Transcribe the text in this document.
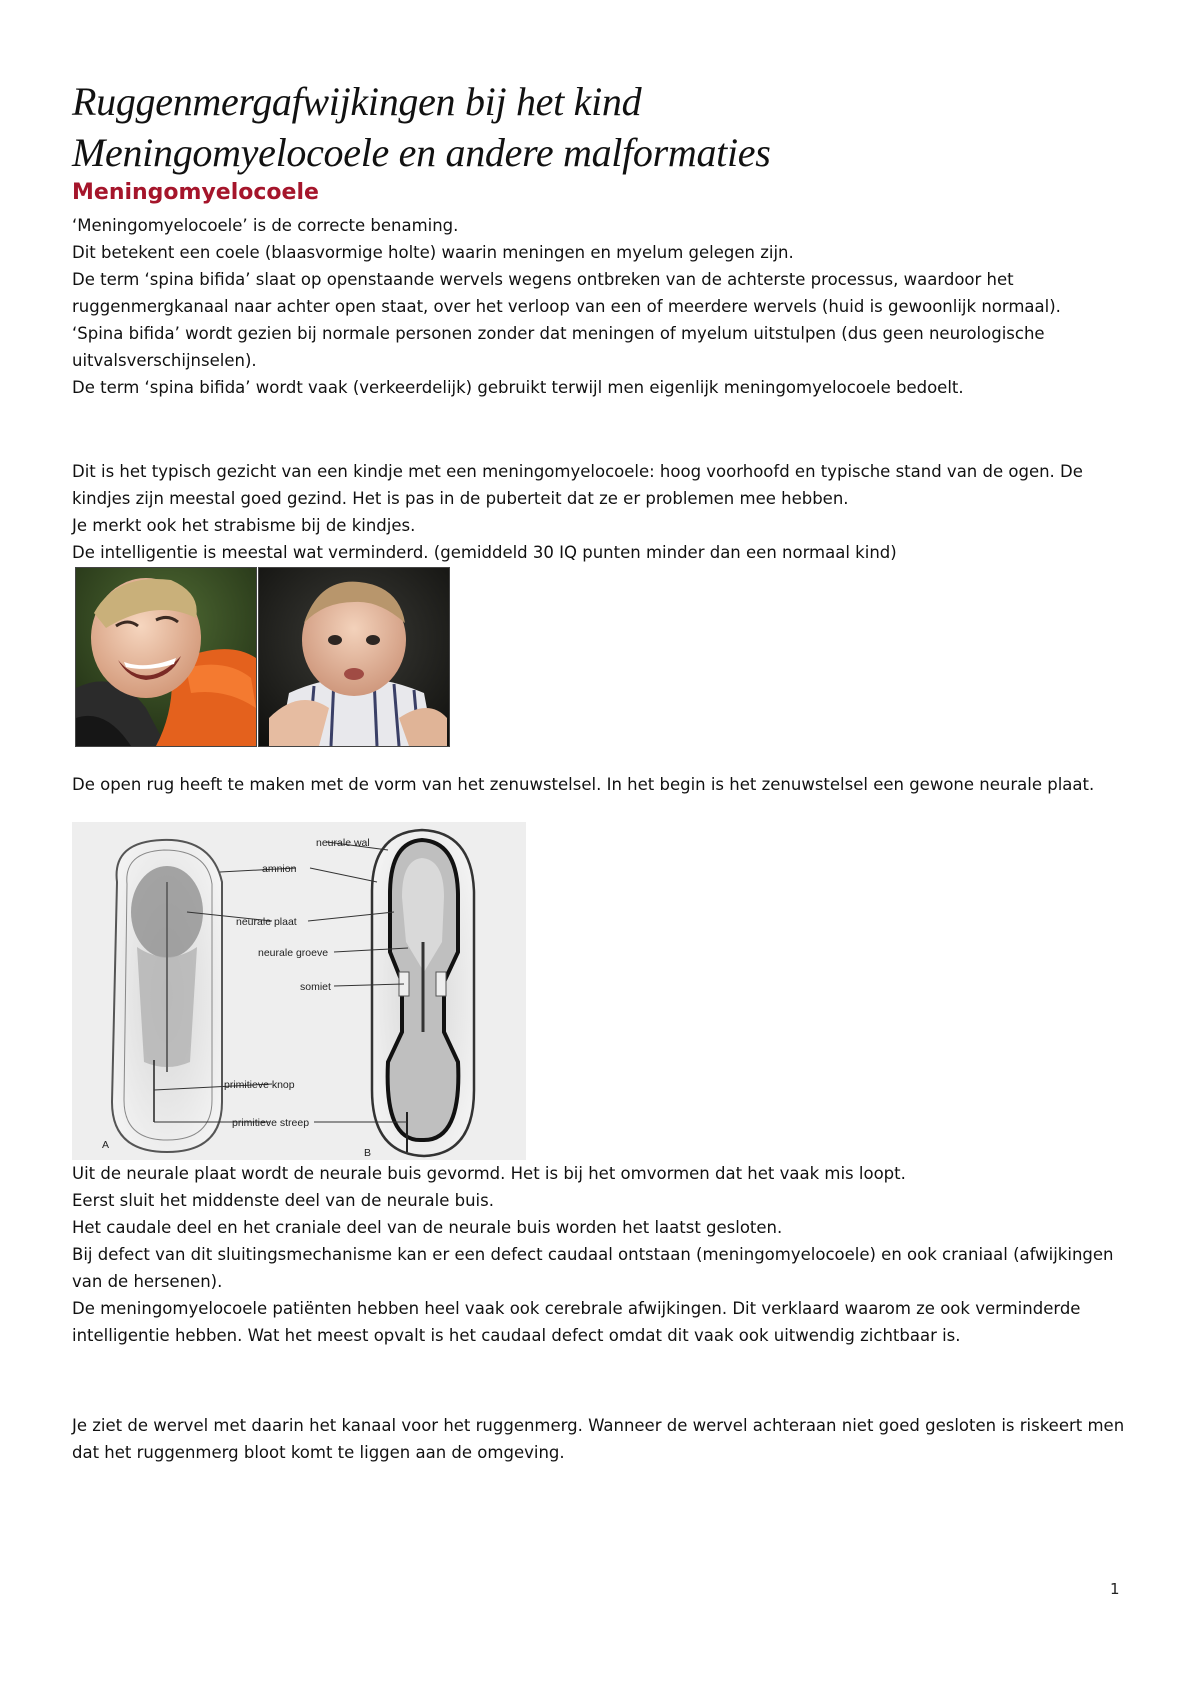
Ruggenmergafwijkingen bij het kind
Meningomyelocoele en andere malformaties
Meningomyelocoele

‘Meningomyelocoele’ is de correcte benaming.

Dit betekent een coele (blaasvormige holte) waarin meningen en myelum gelegen zijn.

De term ‘spina bifida’ slaat op openstaande wervels wegens ontbreken van de achterste processus, waardoor het ruggenmergkanaal naar achter open staat, over het verloop van een of meerdere wervels (huid is gewoonlijk normaal).

‘Spina bifida’ wordt gezien bij normale personen zonder dat meningen of myelum uitstulpen (dus geen neurologische uitvalsverschijnselen).

De term ‘spina bifida’ wordt vaak (verkeerdelijk) gebruikt terwijl men eigenlijk meningomyelocoele bedoelt.

Dit is het typisch gezicht van een kindje met een meningomyelocoele: hoog voorhoofd en typische stand van de ogen. De kindjes zijn meestal goed gezind. Het is pas in de puberteit dat ze er problemen mee hebben.

Je merkt ook het strabisme bij de kindjes.

De intelligentie is meestal wat verminderd. (gemiddeld 30 IQ punten minder dan een normaal kind)

De open rug heeft te maken met de vorm van het zenuwstelsel. In het begin is het zenuwstelsel een gewone neurale plaat.

neurale wal
amnion
neurale plaat
neurale groeve
somiet
primitieve knop
primitieve streep
A
B

Uit de neurale plaat wordt de neurale buis gevormd. Het is bij het omvormen dat het vaak mis loopt.

Eerst sluit het middenste deel van de neurale buis.

Het caudale deel en het craniale deel van de neurale buis worden het laatst gesloten.

Bij defect van dit sluitingsmechanisme kan er een defect caudaal ontstaan (meningomyelocoele) en ook craniaal (afwijkingen van de hersenen).

De meningomyelocoele patiënten hebben heel vaak ook cerebrale afwijkingen. Dit verklaard waarom ze ook verminderde intelligentie hebben. Wat het meest opvalt is het caudaal defect omdat dit vaak ook uitwendig zichtbaar is.

Je ziet de wervel met daarin het kanaal voor het ruggenmerg. Wanneer de wervel achteraan niet goed gesloten is riskeert men dat het ruggenmerg bloot komt te liggen aan de omgeving.

1
